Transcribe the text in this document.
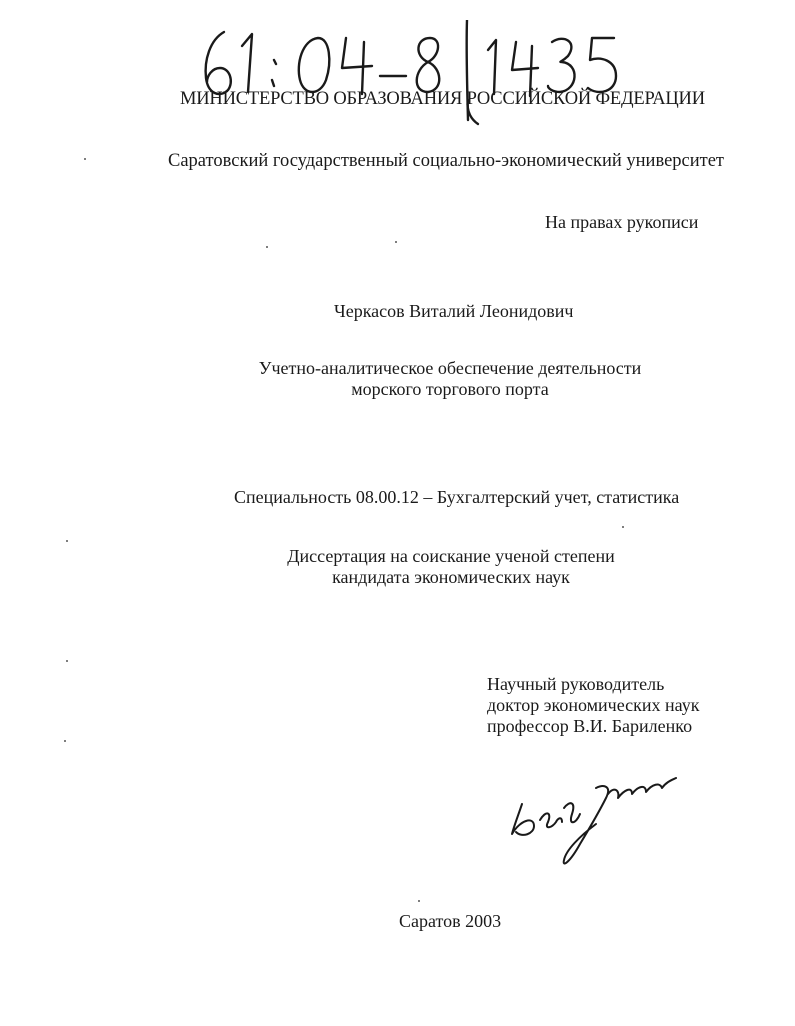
МИНИСТЕРСТВО ОБРАЗОВАНИЯ РОССИЙСКОЙ ФЕДЕРАЦИИ
Саратовский государственный социально-экономический университет
На правах рукописи
Черкасов Виталий Леонидович
Учетно-аналитическое обеспечение деятельности
морского торгового порта
Специальность 08.00.12 – Бухгалтерский учет, статистика
Диссертация на соискание ученой степени
кандидата экономических наук
Научный руководитель
доктор экономических наук
профессор В.И. Бариленко
Саратов 2003
